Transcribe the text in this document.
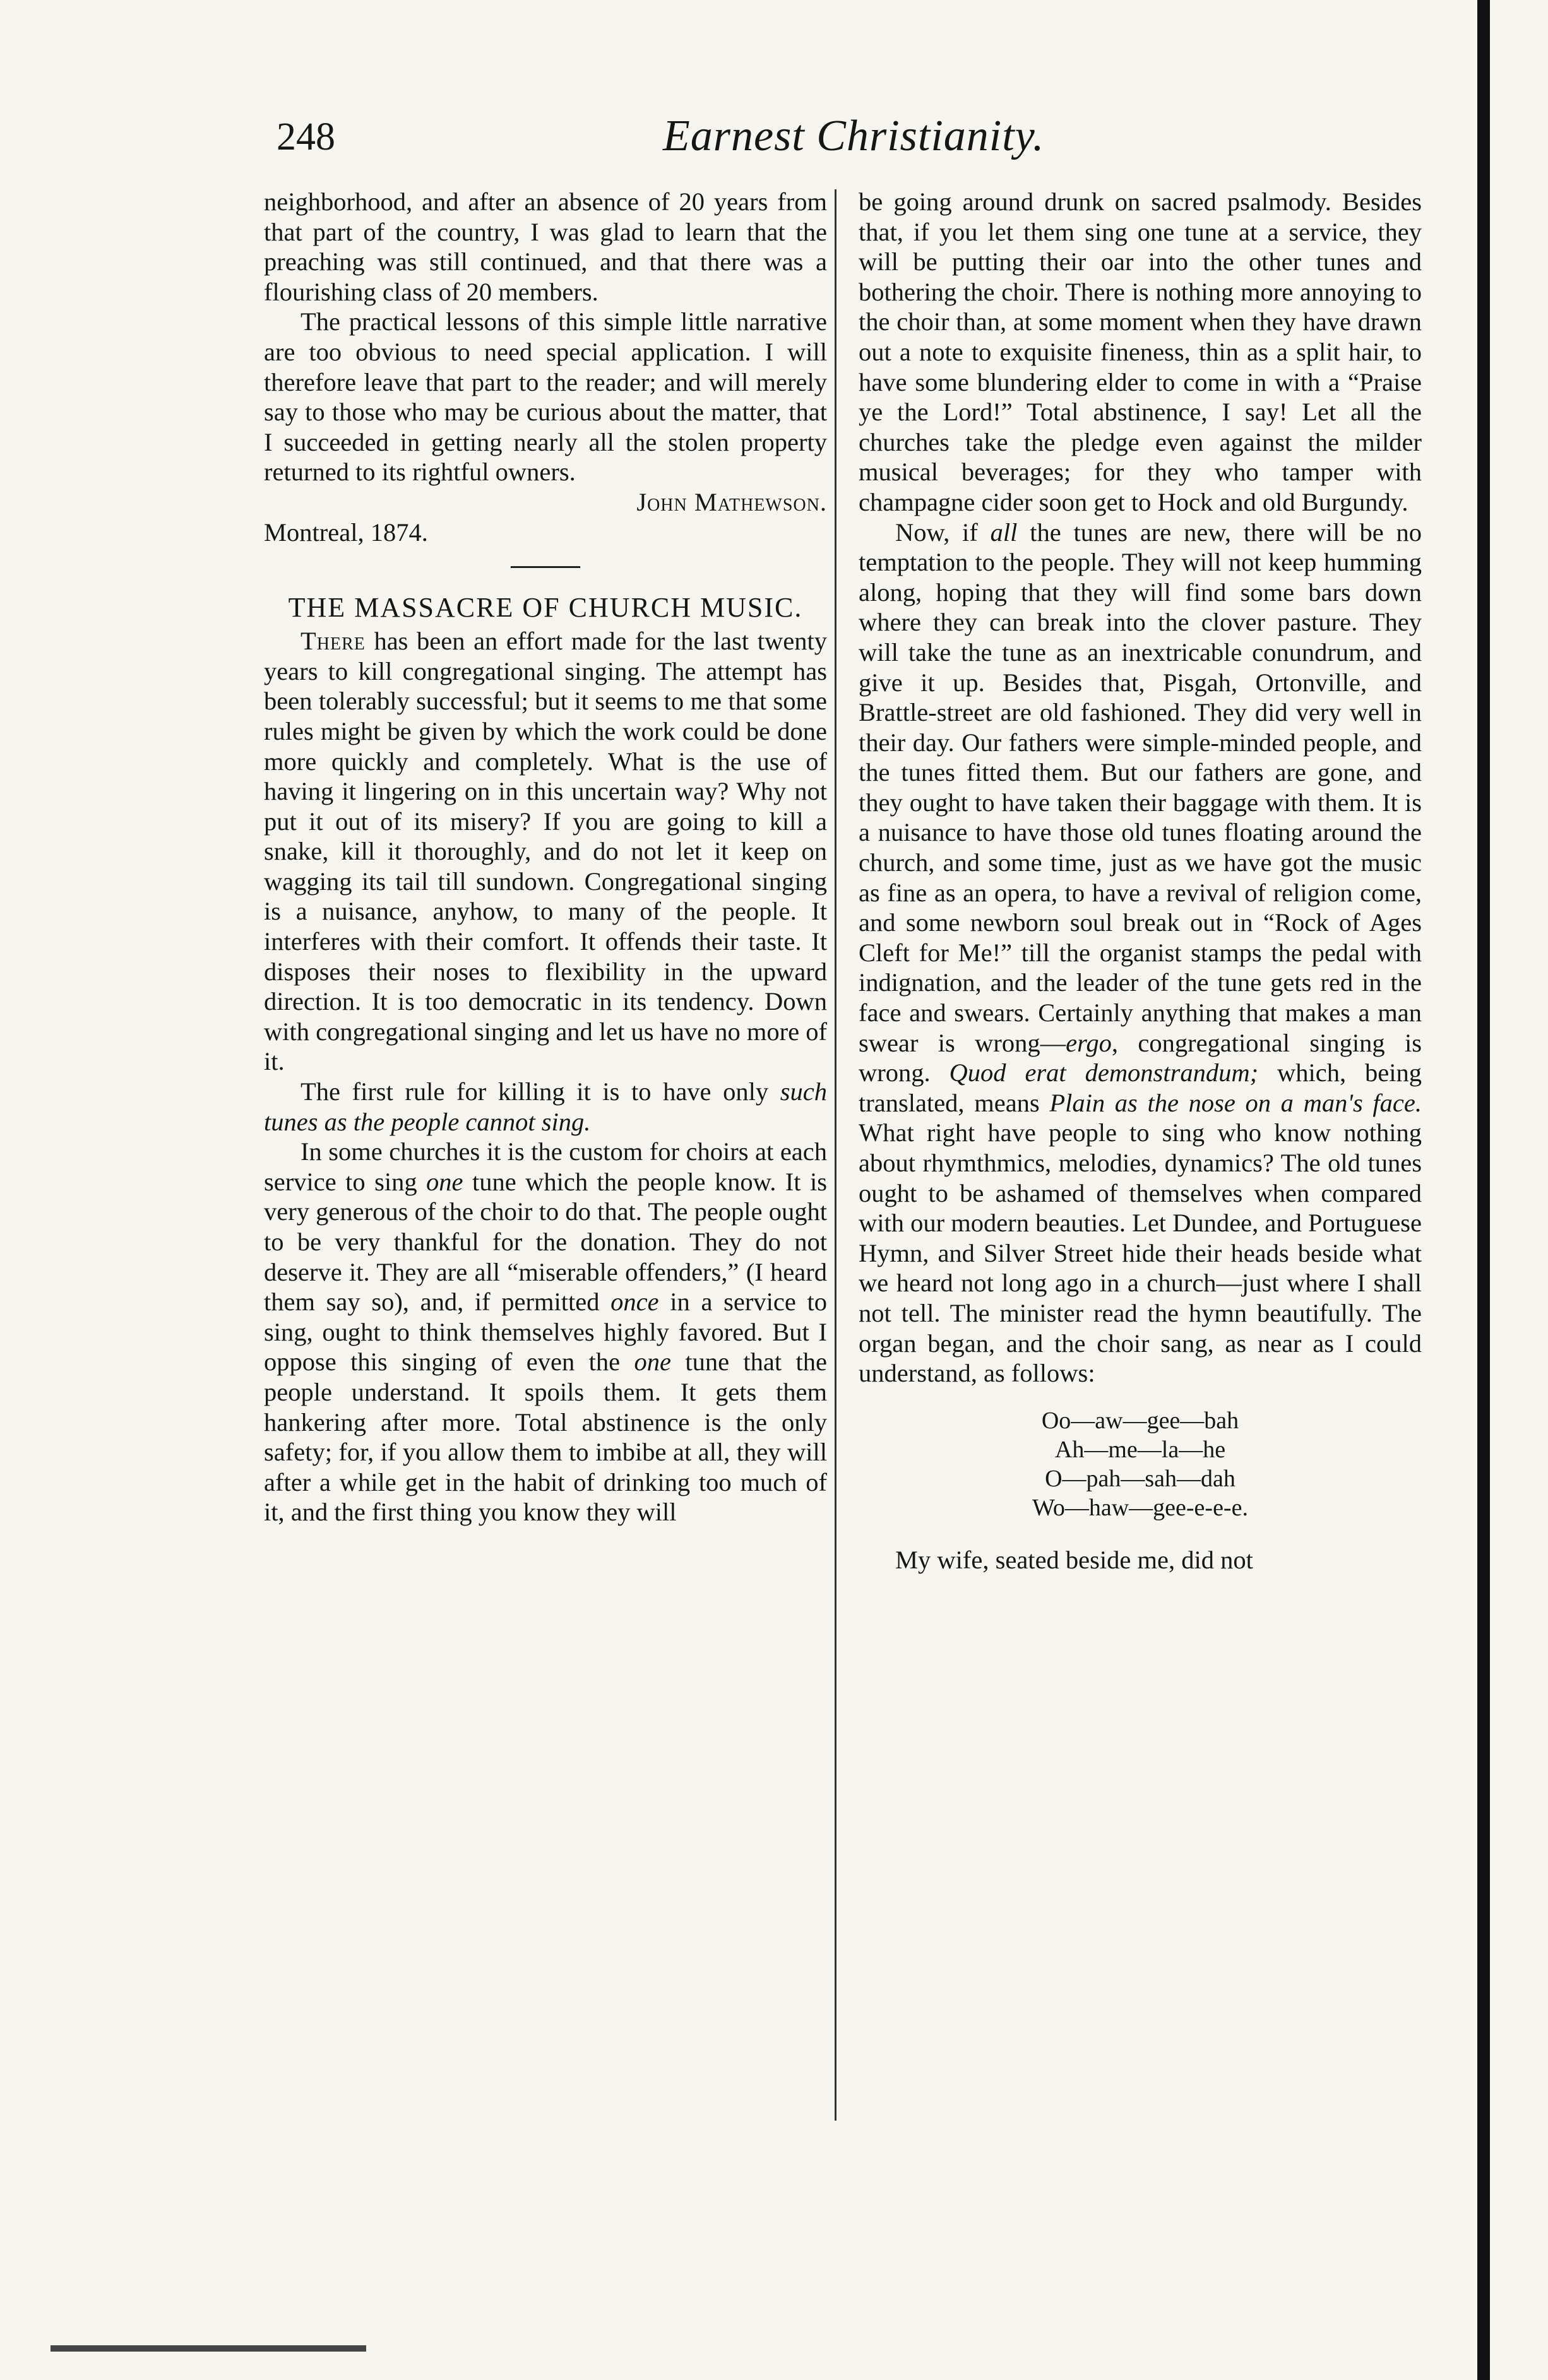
248	Earnest Christianity.

neighborhood, and after an absence of 20 years from that part of the country, I was glad to learn that the preaching was still continued, and that there was a flourishing class of 20 members.

The practical lessons of this simple little narrative are too obvious to need special application. I will therefore leave that part to the reader; and will merely say to those who may be curious about the matter, that I succeeded in getting nearly all the stolen property returned to its rightful owners.

John Mathewson.

Montreal, 1874.

THE MASSACRE OF CHURCH MUSIC.

There has been an effort made for the last twenty years to kill congregational singing. The attempt has been tolerably successful; but it seems to me that some rules might be given by which the work could be done more quickly and completely. What is the use of having it lingering on in this uncertain way? Why not put it out of its misery? If you are going to kill a snake, kill it thoroughly, and do not let it keep on wagging its tail till sundown. Congregational singing is a nuisance, anyhow, to many of the people. It interferes with their comfort. It offends their taste. It disposes their noses to flexibility in the upward direction. It is too democratic in its tendency. Down with congregational singing and let us have no more of it.

The first rule for killing it is to have only such tunes as the people cannot sing.

In some churches it is the custom for choirs at each service to sing one tune which the people know. It is very generous of the choir to do that. The people ought to be very thankful for the donation. They do not deserve it. They are all “miserable offenders,” (I heard them say so), and, if permitted once in a service to sing, ought to think themselves highly favored. But I oppose this singing of even the one tune that the people understand. It spoils them. It gets them hankering after more. Total abstinence is the only safety; for, if you allow them to imbibe at all, they will after a while get in the habit of drinking too much of it, and the first thing you know they will

be going around drunk on sacred psalmody. Besides that, if you let them sing one tune at a service, they will be putting their oar into the other tunes and bothering the choir. There is nothing more annoying to the choir than, at some moment when they have drawn out a note to exquisite fineness, thin as a split hair, to have some blundering elder to come in with a “Praise ye the Lord!” Total abstinence, I say! Let all the churches take the pledge even against the milder musical beverages; for they who tamper with champagne cider soon get to Hock and old Burgundy.

Now, if all the tunes are new, there will be no temptation to the people. They will not keep humming along, hoping that they will find some bars down where they can break into the clover pasture. They will take the tune as an inextricable conundrum, and give it up. Besides that, Pisgah, Ortonville, and Brattle-street are old fashioned. They did very well in their day. Our fathers were simple-minded people, and the tunes fitted them. But our fathers are gone, and they ought to have taken their baggage with them. It is a nuisance to have those old tunes floating around the church, and some time, just as we have got the music as fine as an opera, to have a revival of religion come, and some newborn soul break out in “Rock of Ages Cleft for Me!” till the organist stamps the pedal with indignation, and the leader of the tune gets red in the face and swears. Certainly anything that makes a man swear is wrong—ergo, congregational singing is wrong. Quod erat demonstrandum; which, being translated, means Plain as the nose on a man's face. What right have people to sing who know nothing about rhymthmics, melodies, dynamics? The old tunes ought to be ashamed of themselves when compared with our modern beauties. Let Dundee, and Portuguese Hymn, and Silver Street hide their heads beside what we heard not long ago in a church—just where I shall not tell. The minister read the hymn beautifully. The organ began, and the choir sang, as near as I could understand, as follows:

Oo—aw—gee—bah
Ah—me—la—he
O—pah—sah—dah
Wo—haw—gee-e-e-e.

My wife, seated beside me, did not
